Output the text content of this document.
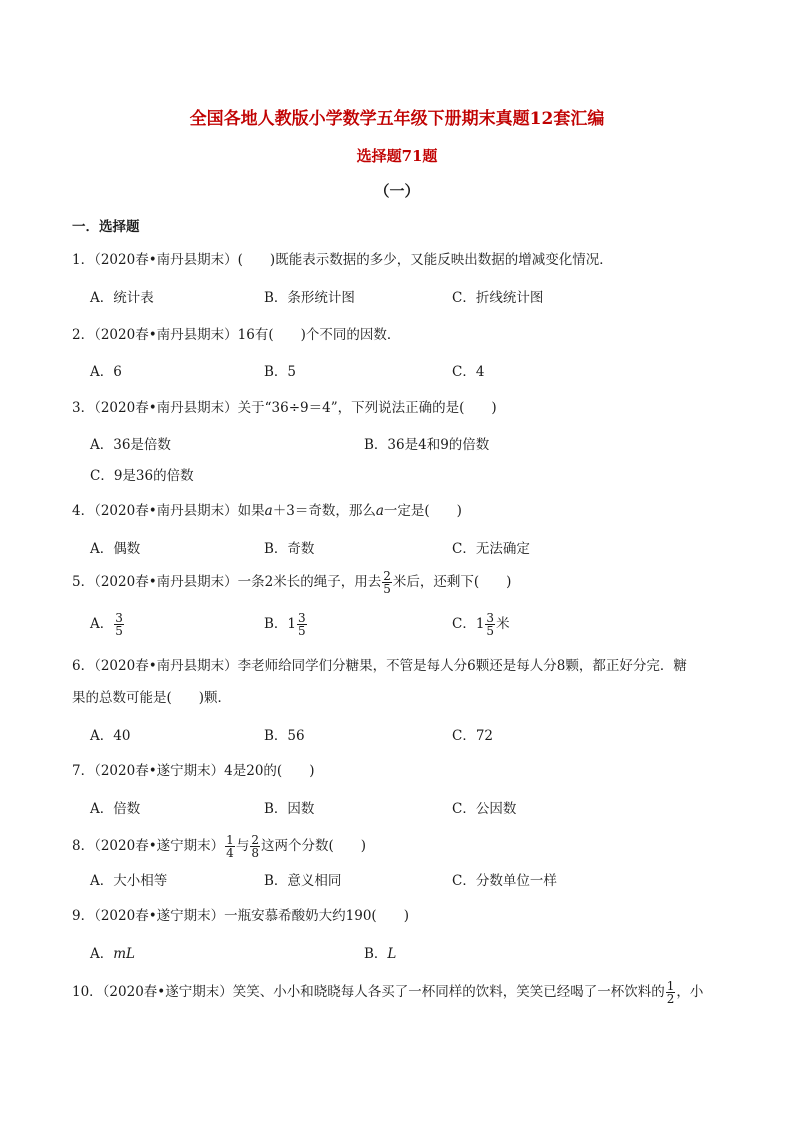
全国各地人教版小学数学五年级下册期末真题12套汇编
选择题71题
（一）
一．选择题
1．（2020春•南丹县期末）(　　)既能表示数据的多少，又能反映出数据的增减变化情况．
A．统计表	B．条形统计图	C．折线统计图
2．（2020春•南丹县期末）16有(　　)个不同的因数．
A．6	B．5	C．4
3．（2020春•南丹县期末）关于“36÷9＝4”，下列说法正确的是(　　)
A．36是倍数	B．36是4和9的倍数
C．9是36的倍数
4．（2020春•南丹县期末）如果a＋3＝奇数，那么a一定是(　　)
A．偶数	B．奇数	C．无法确定
5．（2020春•南丹县期末）一条2米长的绳子，用去 $\frac{2}{5}$ 米后，还剩下(　　)
A． $\frac{3}{5}$	B．$1 \frac{3}{5}$	C．$1 \frac{3}{5}$ 米
6．（2020春•南丹县期末）李老师给同学们分糖果，不管是每人分6颗还是每人分8颗，都正好分完．糖
果的总数可能是(　　)颗．
A．40	B．56	C．72
7．（2020春•遂宁期末）4是20的(　　)
A．倍数	B．因数	C．公因数
8．（2020春•遂宁期末） $\frac{1}{4}$ 与 $\frac{2}{8}$ 这两个分数(　　)
A．大小相等	B．意义相同	C．分数单位一样
9．（2020春•遂宁期末）一瓶安慕希酸奶大约190(　　)
A．mL	B．L
10．（2020春•遂宁期末）笑笑、小小和晓晓每人各买了一杯同样的饮料，笑笑已经喝了一杯饮料的 $\frac{1}{2}$ ，小
